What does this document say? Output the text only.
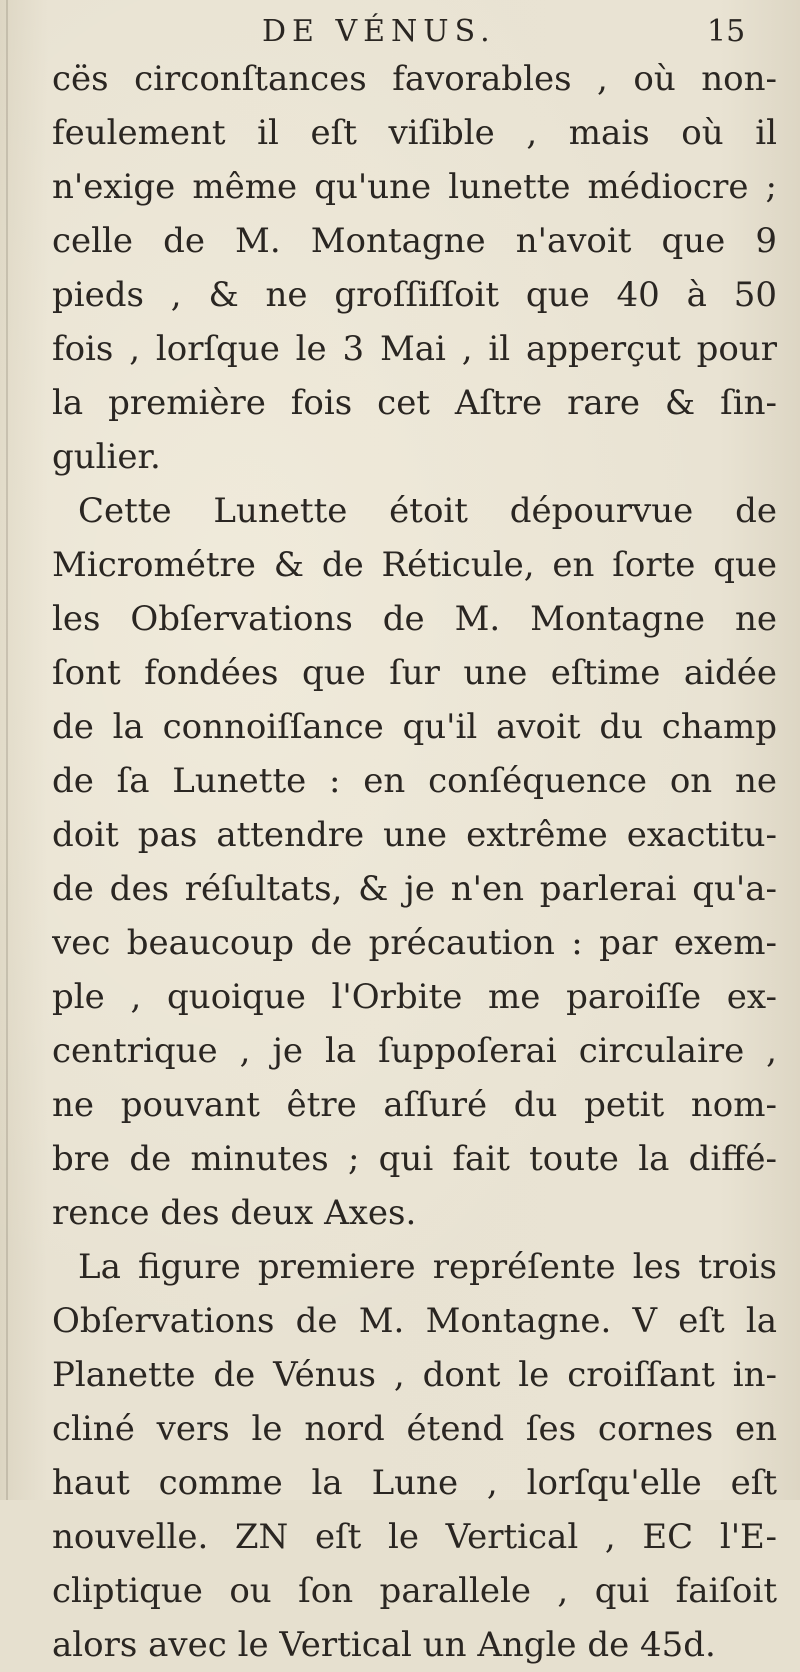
DE VÉNUS.	15
cës circonſtances favorables , où non-
feulement il eſt viſible , mais où il
n'exige même qu'une lunette médiocre ;
celle de M. Montagne n'avoit que 9
pieds , & ne groſſiſſoit que 40 à 50
fois , lorſque le 3 Mai , il apperçut pour
la première fois cet Aſtre rare & ſin-
gulier.
Cette Lunette étoit dépourvue de
Micrométre & de Réticule, en ſorte que
les Obſervations de M. Montagne ne
ſont fondées que ſur une eſtime aidée
de la connoiſſance qu'il avoit du champ
de ſa Lunette : en conſéquence on ne
doit pas attendre une extrême exactitu-
de des réſultats, & je n'en parlerai qu'a-
vec beaucoup de précaution : par exem-
ple , quoique l'Orbite me paroiſſe ex-
centrique , je la ſuppoſerai circulaire ,
ne pouvant être aſſuré du petit nom-
bre de minutes ; qui fait toute la diffé-
rence des deux Axes.
La figure premiere repréſente les trois
Obſervations de M. Montagne. V eſt la
Planette de Vénus , dont le croiſſant in-
cliné vers le nord étend ſes cornes en
haut comme la Lune , lorſqu'elle eſt
nouvelle. ZN eſt le Vertical , EC l'E-
cliptique ou ſon parallele , qui faiſoit
alors avec le Vertical un Angle de 45d.
